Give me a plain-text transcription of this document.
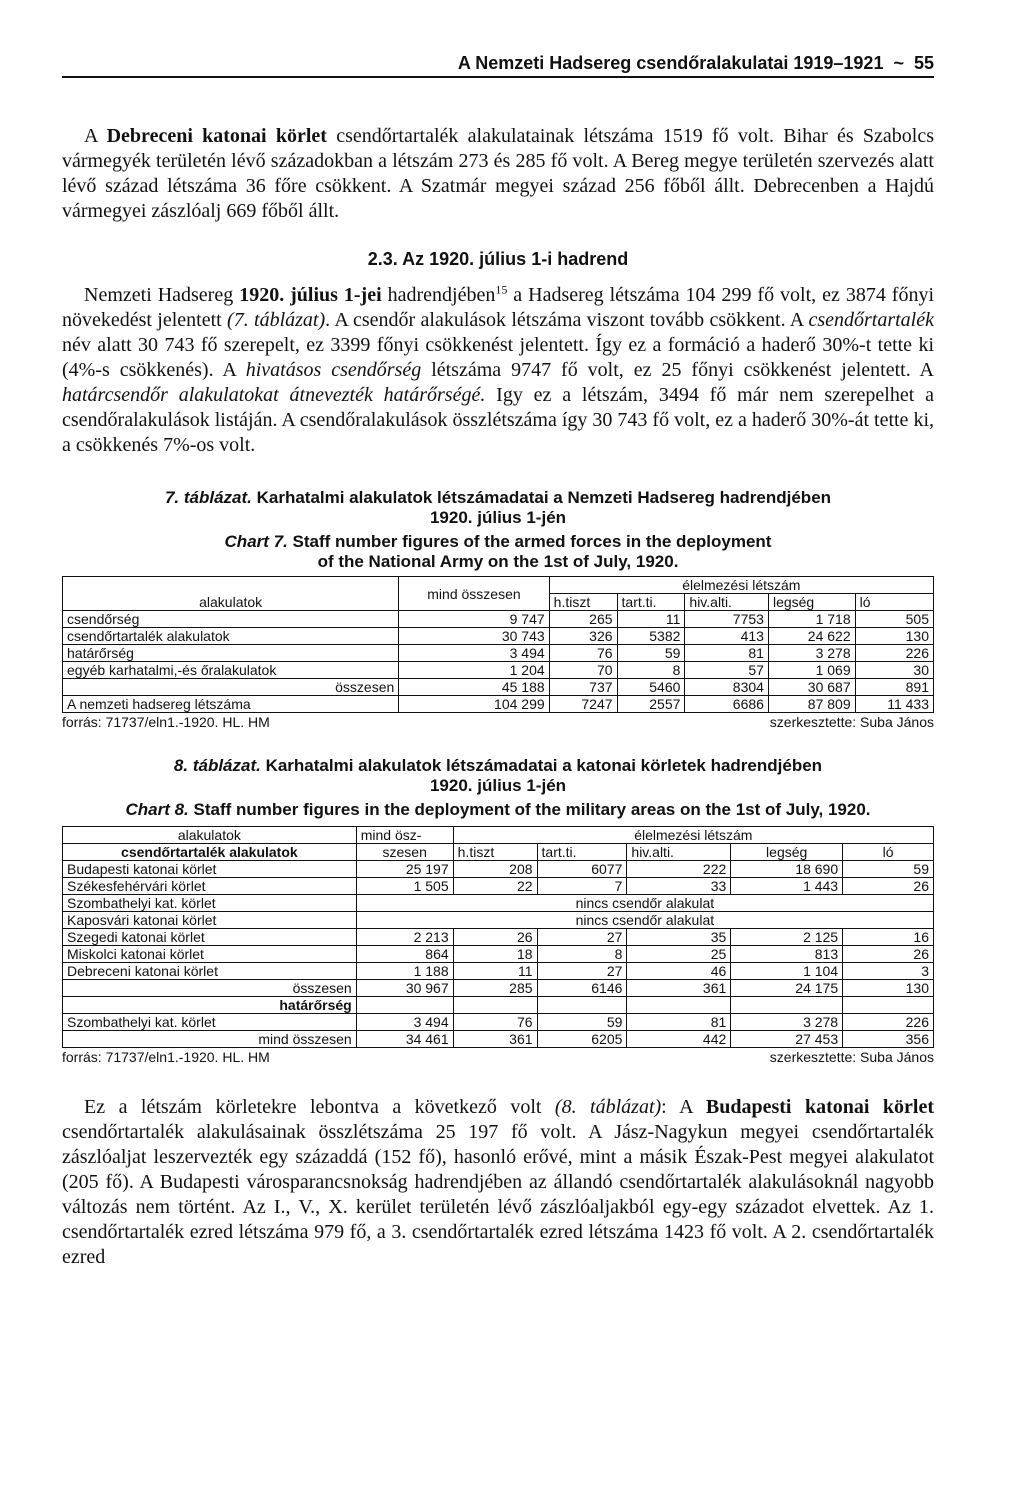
A Nemzeti Hadsereg csendőralakulatai 1919–1921 ~ 55

A Debreceni katonai körlet csendőrtartalék alakulatainak létszáma 1519 fő volt. Bihar és Szabolcs vármegyék területén lévő századokban a létszám 273 és 285 fő volt. A Bereg megye területén szervezés alatt lévő század létszáma 36 főre csökkent. A Szatmár megyei század 256 főből állt. Debrecenben a Hajdú vármegyei zászlóalj 669 főből állt.

2.3. Az 1920. július 1-i hadrend

Nemzeti Hadsereg 1920. július 1-jei hadrendjében$^{15}$ a Hadsereg létszáma 104 299 fő volt, ez 3874 főnyi növekedést jelentett (7. táblázat). A csendőr alakulások létszáma viszont tovább csökkent. A csendőrtartalék név alatt 30 743 fő szerepelt, ez 3399 főnyi csökkenést jelentett. Így ez a formáció a haderő 30%-t tette ki (4%-s csökkenés). A hivatásos csendőrség létszáma 9747 fő volt, ez 25 főnyi csökkenést jelentett. A határcsendőr alakulatokat átnevezték határőrségé. Igy ez a létszám, 3494 fő már nem szerepelhet a csendőralakulások listáján. A csendőralakulások összlétszáma így 30 743 fő volt, ez a haderő 30%-át tette ki, a csökkenés 7%-os volt.

7. táblázat. Karhatalmi alakulatok létszámadatai a Nemzeti Hadsereg hadrendjében

1920. július 1-jén

Chart 7. Staff number figures of the armed forces in the deployment

of the National Army on the 1st of July, 1920.

alakulatok	mind összesen	élelmezési létszám				
		h.tiszt	tart.ti.	hiv.alti.	legség	ló
csendőrség	9 747	265	11	7753	1 718	505
csendőrtartalék alakulatok	30 743	326	5382	413	24 622	130
határőrség	3 494	76	59	81	3 278	226
egyéb karhatalmi,-és őralakulatok	1 204	70	8	57	1 069	30
összesen	45 188	737	5460	8304	30 687	891
A nemzeti hadsereg létszáma	104 299	7247	2557	6686	87 809	11 433
forrás: 71737/eln1.-1920. HL. HM	szerkesztette: Suba János

8. táblázat. Karhatalmi alakulatok létszámadatai a katonai körletek hadrendjében

1920. július 1-jén

Chart 8. Staff number figures in the deployment of the military areas on the 1st of July, 1920.

alakulatok	mind ösz-	élelmezési létszám				
csendőrtartalék alakulatok	szesen	h.tiszt	tart.ti.	hiv.alti.	legség	ló
Budapesti katonai körlet	25 197	208	6077	222	18 690	59
Székesfehérvári körlet	1 505	22	7	33	1 443	26
Szombathelyi kat. körlet	nincs csendőr alakulat					
Kaposvári katonai körlet	nincs csendőr alakulat					
Szegedi katonai körlet	2 213	26	27	35	2 125	16
Miskolci katonai körlet	864	18	8	25	813	26
Debreceni katonai körlet	1 188	11	27	46	1 104	3
összesen	30 967	285	6146	361	24 175	130
határőrség						
Szombathelyi kat. körlet	3 494	76	59	81	3 278	226
mind összesen	34 461	361	6205	442	27 453	356
forrás: 71737/eln1.-1920. HL. HM	szerkesztette: Suba János

Ez a létszám körletekre lebontva a következő volt (8. táblázat): A Budapesti katonai körlet csendőrtartalék alakulásainak összlétszáma 25 197 fő volt. A Jász-Nagykun megyei csendőrtartalék zászlóaljat leszervezték egy századdá (152 fő), hasonló erővé, mint a másik Észak-Pest megyei alakulatot (205 fő). A Budapesti városparancsnokság hadrendjében az állandó csendőrtartalék alakulásoknál nagyobb változás nem történt. Az I., V., X. kerület területén lévő zászlóaljakból egy-egy századot elvettek. Az 1. csendőrtartalék ezred létszáma 979 fő, a 3. csendőrtartalék ezred létszáma 1423 fő volt. A 2. csendőrtartalék ezred
